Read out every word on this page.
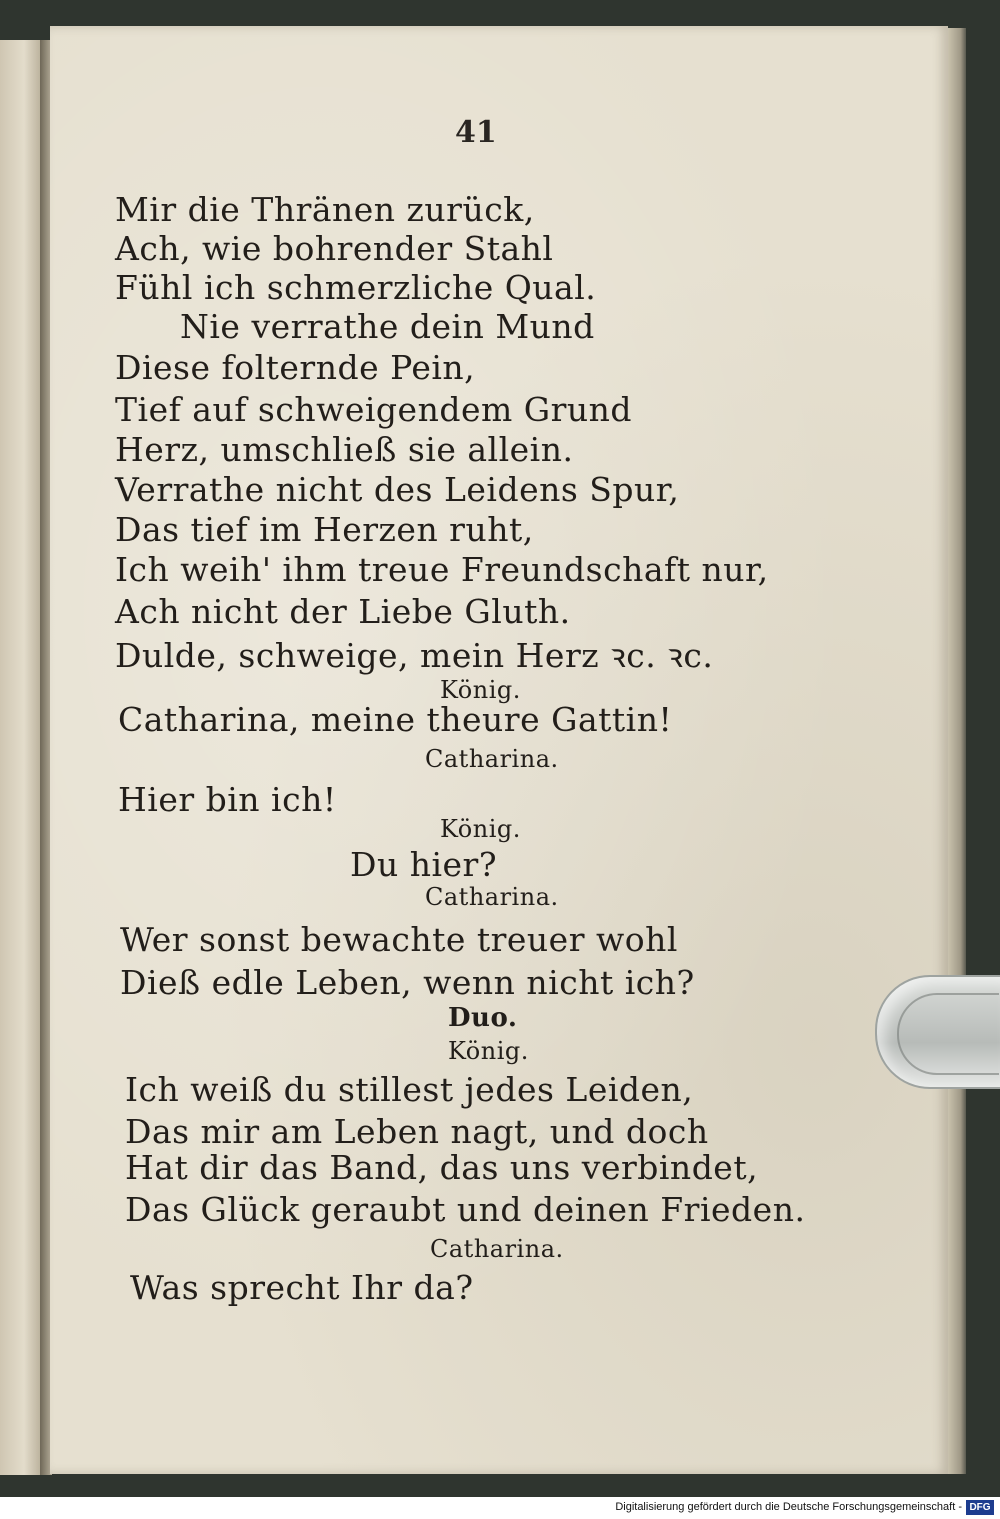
41
Mir die Thränen zurück,
Ach, wie bohrender Stahl
Fühl ich schmerzliche Qual.
Nie verrathe dein Mund
Diese folternde Pein,
Tief auf schweigendem Grund
Herz, umschließ sie allein.
Verrathe nicht des Leidens Spur,
Das tief im Herzen ruht,
Ich weih' ihm treue Freundschaft nur,
Ach nicht der Liebe Gluth.
Dulde, schweige, mein Herz ꝛc. ꝛc.
König.
Catharina, meine theure Gattin!
Catharina.
Hier bin ich!
König.
Du hier?
Catharina.
Wer sonst bewachte treuer wohl
Dieß edle Leben, wenn nicht ich?
Duo.
König.
Ich weiß du stillest jedes Leiden,
Das mir am Leben nagt, und doch
Hat dir das Band, das uns verbindet,
Das Glück geraubt und deinen Frieden.
Catharina.
Was sprecht Ihr da?
Digitalisierung gefördert durch die Deutsche Forschungsgemeinschaft - DFG
